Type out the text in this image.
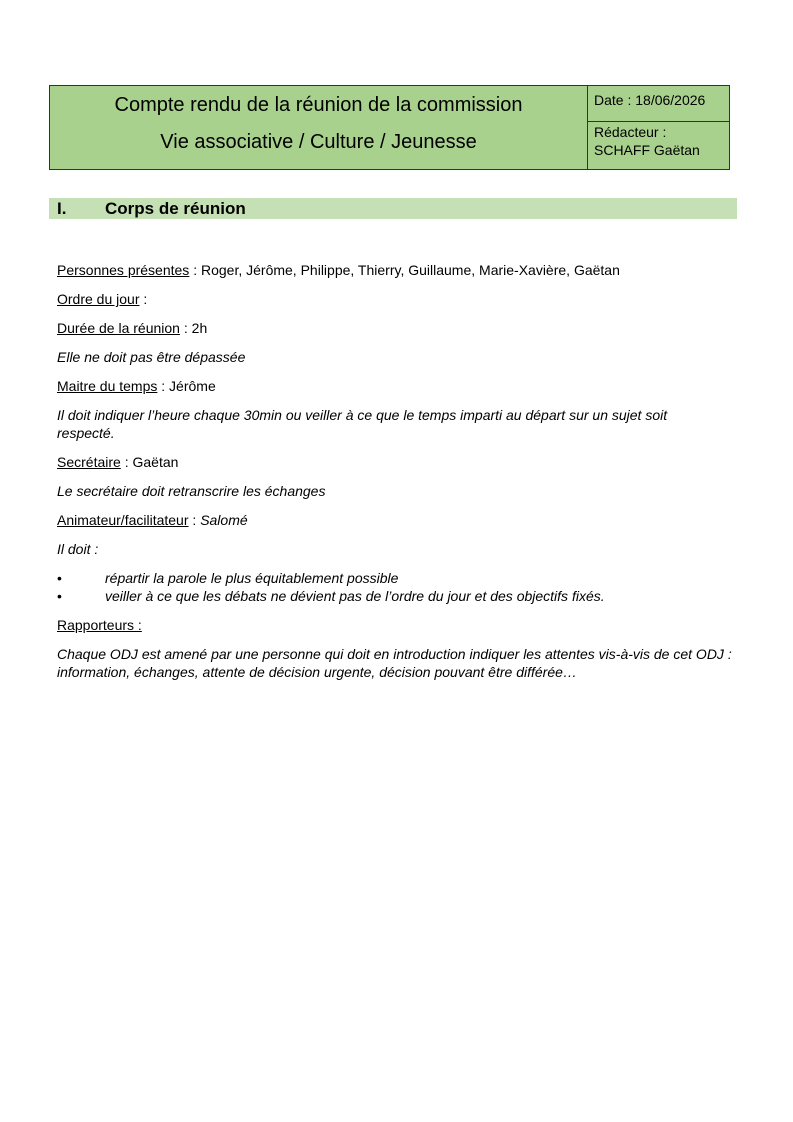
Compte rendu de la réunion de la commission
Vie associative / Culture / Jeunesse
	Date : 18/06/2026

Rédacteur :
SCHAFF Gaëtan
I. Corps de réunion
Personnes présentes : Roger, Jérôme, Philippe, Thierry, Guillaume, Marie-Xavière, Gaëtan
Ordre du jour :
Durée de la réunion : 2h
Elle ne doit pas être dépassée
Maitre du temps : Jérôme
Il doit indiquer l’heure chaque 30min ou veiller à ce que le temps imparti au départ sur un sujet soit respecté.
Secrétaire : Gaëtan
Le secrétaire doit retranscrire les échanges
Animateur/facilitateur : Salomé
Il doit :
•	répartir la parole le plus équitablement possible
•	veiller à ce que les débats ne dévient pas de l’ordre du jour et des objectifs fixés.
Rapporteurs :
Chaque ODJ est amené par une personne qui doit en introduction indiquer les attentes vis-à-vis de cet ODJ : information, échanges, attente de décision urgente, décision pouvant être différée…
